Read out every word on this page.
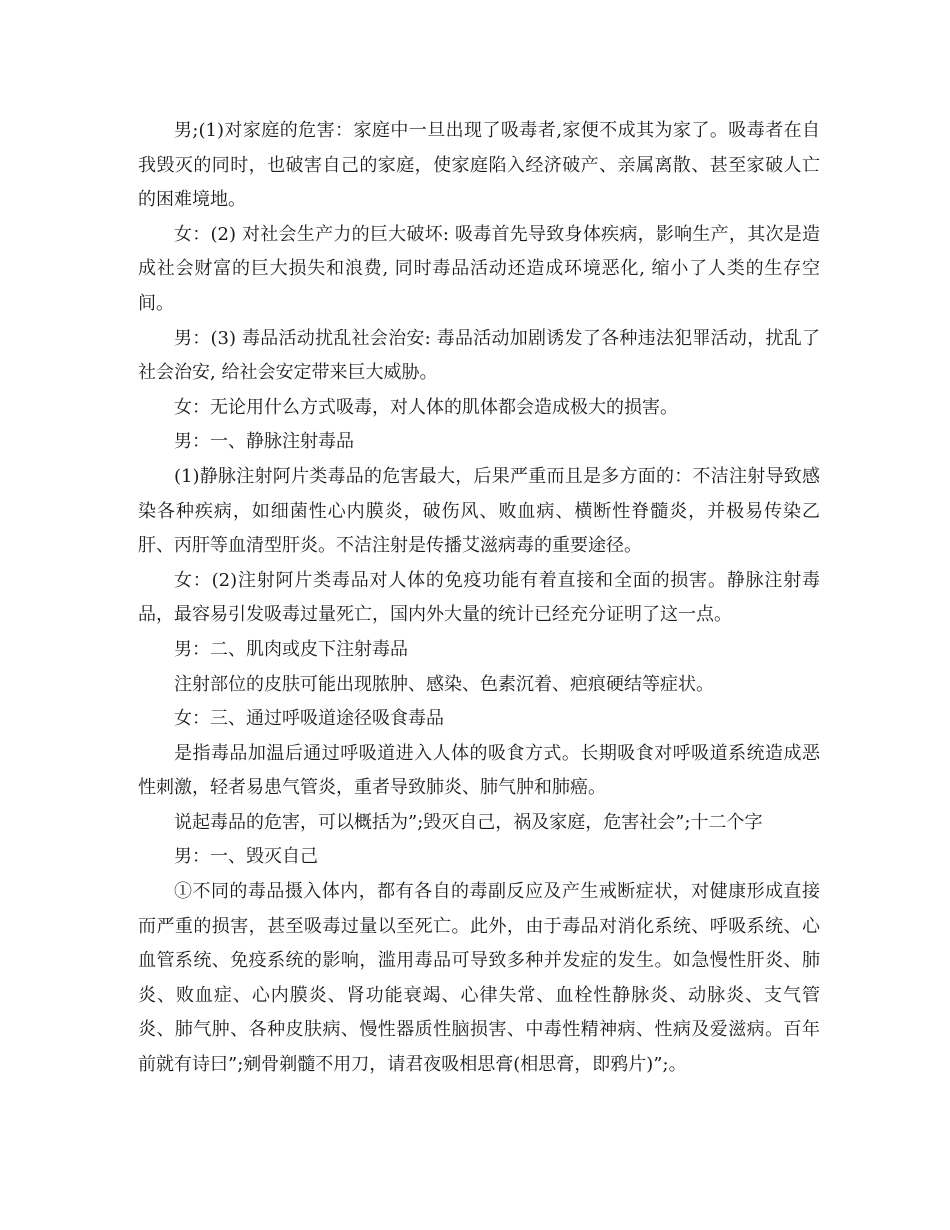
男;(1)对家庭的危害：家庭中一旦出现了吸毒者,家便不成其为家了。吸毒者在自我毁灭的同时，也破害自己的家庭，使家庭陷入经济破产、亲属离散、甚至家破人亡的困难境地。

女：(2) 对社会生产力的巨大破坏: 吸毒首先导致身体疾病，影响生产，其次是造成社会财富的巨大损失和浪费, 同时毒品活动还造成环境恶化, 缩小了人类的生存空间。

男：(3) 毒品活动扰乱社会治安: 毒品活动加剧诱发了各种违法犯罪活动，扰乱了社会治安, 给社会安定带来巨大威胁。

女：无论用什么方式吸毒，对人体的肌体都会造成极大的损害。

男：一、静脉注射毒品

(1)静脉注射阿片类毒品的危害最大，后果严重而且是多方面的：不洁注射导致感染各种疾病，如细菌性心内膜炎，破伤风、败血病、横断性脊髓炎，并极易传染乙肝、丙肝等血清型肝炎。不洁注射是传播艾滋病毒的重要途径。

女：(2)注射阿片类毒品对人体的免疫功能有着直接和全面的损害。静脉注射毒品，最容易引发吸毒过量死亡，国内外大量的统计已经充分证明了这一点。

男：二、肌肉或皮下注射毒品

注射部位的皮肤可能出现脓肿、感染、色素沉着、疤痕硬结等症状。

女：三、通过呼吸道途径吸食毒品

是指毒品加温后通过呼吸道进入人体的吸食方式。长期吸食对呼吸道系统造成恶性刺激，轻者易患气管炎，重者导致肺炎、肺气肿和肺癌。

说起毒品的危害，可以概括为”;毁灭自己，祸及家庭，危害社会”;十二个字

男：一、毁灭自己

①不同的毒品摄入体内，都有各自的毒副反应及产生戒断症状，对健康形成直接而严重的损害，甚至吸毒过量以至死亡。此外，由于毒品对消化系统、呼吸系统、心血管系统、免疫系统的影响，滥用毒品可导致多种并发症的发生。如急慢性肝炎、肺炎、败血症、心内膜炎、肾功能衰竭、心律失常、血栓性静脉炎、动脉炎、支气管炎、肺气肿、各种皮肤病、慢性器质性脑损害、中毒性精神病、性病及爱滋病。百年前就有诗曰”;剜骨剃髓不用刀，请君夜吸相思膏(相思膏，即鸦片)”;。
